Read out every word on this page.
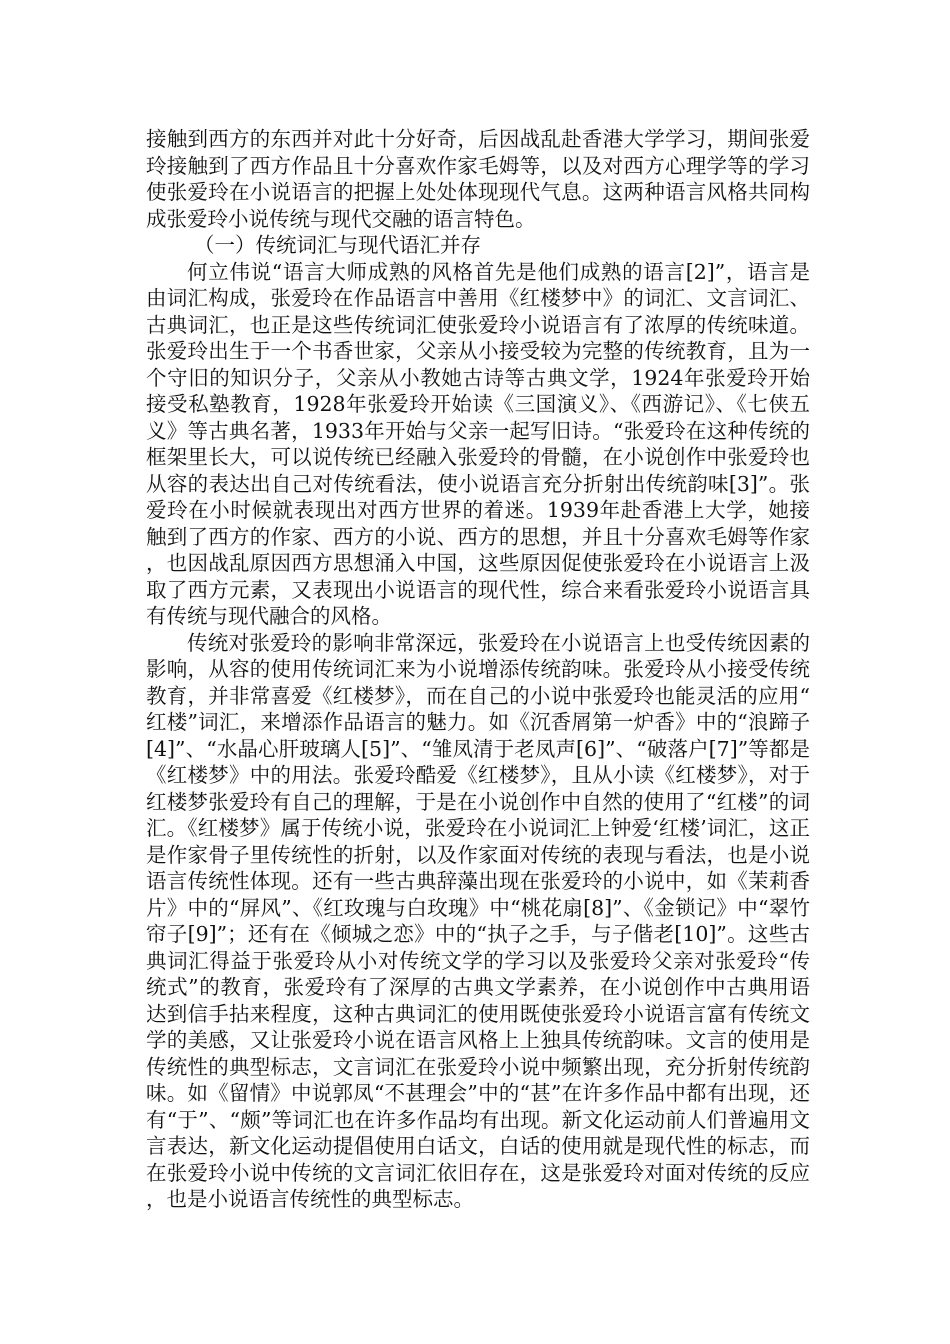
接触到西方的东西并对此十分好奇，后因战乱赴香港大学学习，期间张爱玲接触到了西方作品且十分喜欢作家毛姆等，以及对西方心理学等的学习使张爱玲在小说语言的把握上处处体现现代气息。这两种语言风格共同构成张爱玲小说传统与现代交融的语言特色。

（一）传统词汇与现代语汇并存

何立伟说“语言大师成熟的风格首先是他们成熟的语言[2]”，语言是由词汇构成，张爱玲在作品语言中善用《红楼梦中》的词汇、文言词汇、古典词汇，也正是这些传统词汇使张爱玲小说语言有了浓厚的传统味道。张爱玲出生于一个书香世家，父亲从小接受较为完整的传统教育，且为一个守旧的知识分子，父亲从小教她古诗等古典文学，1924年张爱玲开始接受私塾教育，1928年张爱玲开始读《三国演义》、《西游记》、《七侠五义》等古典名著，1933年开始与父亲一起写旧诗。“张爱玲在这种传统的框架里长大，可以说传统已经融入张爱玲的骨髓，在小说创作中张爱玲也从容的表达出自己对传统看法，使小说语言充分折射出传统韵味[3]”。张爱玲在小时候就表现出对西方世界的着迷。1939年赴香港上大学，她接触到了西方的作家、西方的小说、西方的思想，并且十分喜欢毛姆等作家，也因战乱原因西方思想涌入中国，这些原因促使张爱玲在小说语言上汲取了西方元素，又表现出小说语言的现代性，综合来看张爱玲小说语言具有传统与现代融合的风格。

传统对张爱玲的影响非常深远，张爱玲在小说语言上也受传统因素的影响，从容的使用传统词汇来为小说增添传统韵味。张爱玲从小接受传统教育，并非常喜爱《红楼梦》，而在自己的小说中张爱玲也能灵活的应用“红楼”词汇，来增添作品语言的魅力。如《沉香屑第一炉香》中的“浪蹄子[4]”、“水晶心肝玻璃人[5]”、“雏凤清于老凤声[6]”、“破落户[7]”等都是《红楼梦》中的用法。张爱玲酷爱《红楼梦》，且从小读《红楼梦》，对于红楼梦张爱玲有自己的理解，于是在小说创作中自然的使用了“红楼”的词汇。《红楼梦》属于传统小说，张爱玲在小说词汇上钟爱‘红楼’词汇，这正是作家骨子里传统性的折射，以及作家面对传统的表现与看法，也是小说语言传统性体现。还有一些古典辞藻出现在张爱玲的小说中，如《茉莉香片》中的“屏风”、《红玫瑰与白玫瑰》中“桃花扇[8]”、《金锁记》中“翠竹帘子[9]”；还有在《倾城之恋》中的“执子之手，与子偕老[10]”。这些古典词汇得益于张爱玲从小对传统文学的学习以及张爱玲父亲对张爱玲“传统式”的教育，张爱玲有了深厚的古典文学素养，在小说创作中古典用语达到信手拈来程度，这种古典词汇的使用既使张爱玲小说语言富有传统文学的美感，又让张爱玲小说在语言风格上上独具传统韵味。文言的使用是传统性的典型标志，文言词汇在张爱玲小说中频繁出现，充分折射传统韵味。如《留情》中说郭凤“不甚理会”中的“甚”在许多作品中都有出现，还有“于”、“颇”等词汇也在许多作品均有出现。新文化运动前人们普遍用文言表达，新文化运动提倡使用白话文，白话的使用就是现代性的标志，而在张爱玲小说中传统的文言词汇依旧存在，这是张爱玲对面对传统的反应，也是小说语言传统性的典型标志。
